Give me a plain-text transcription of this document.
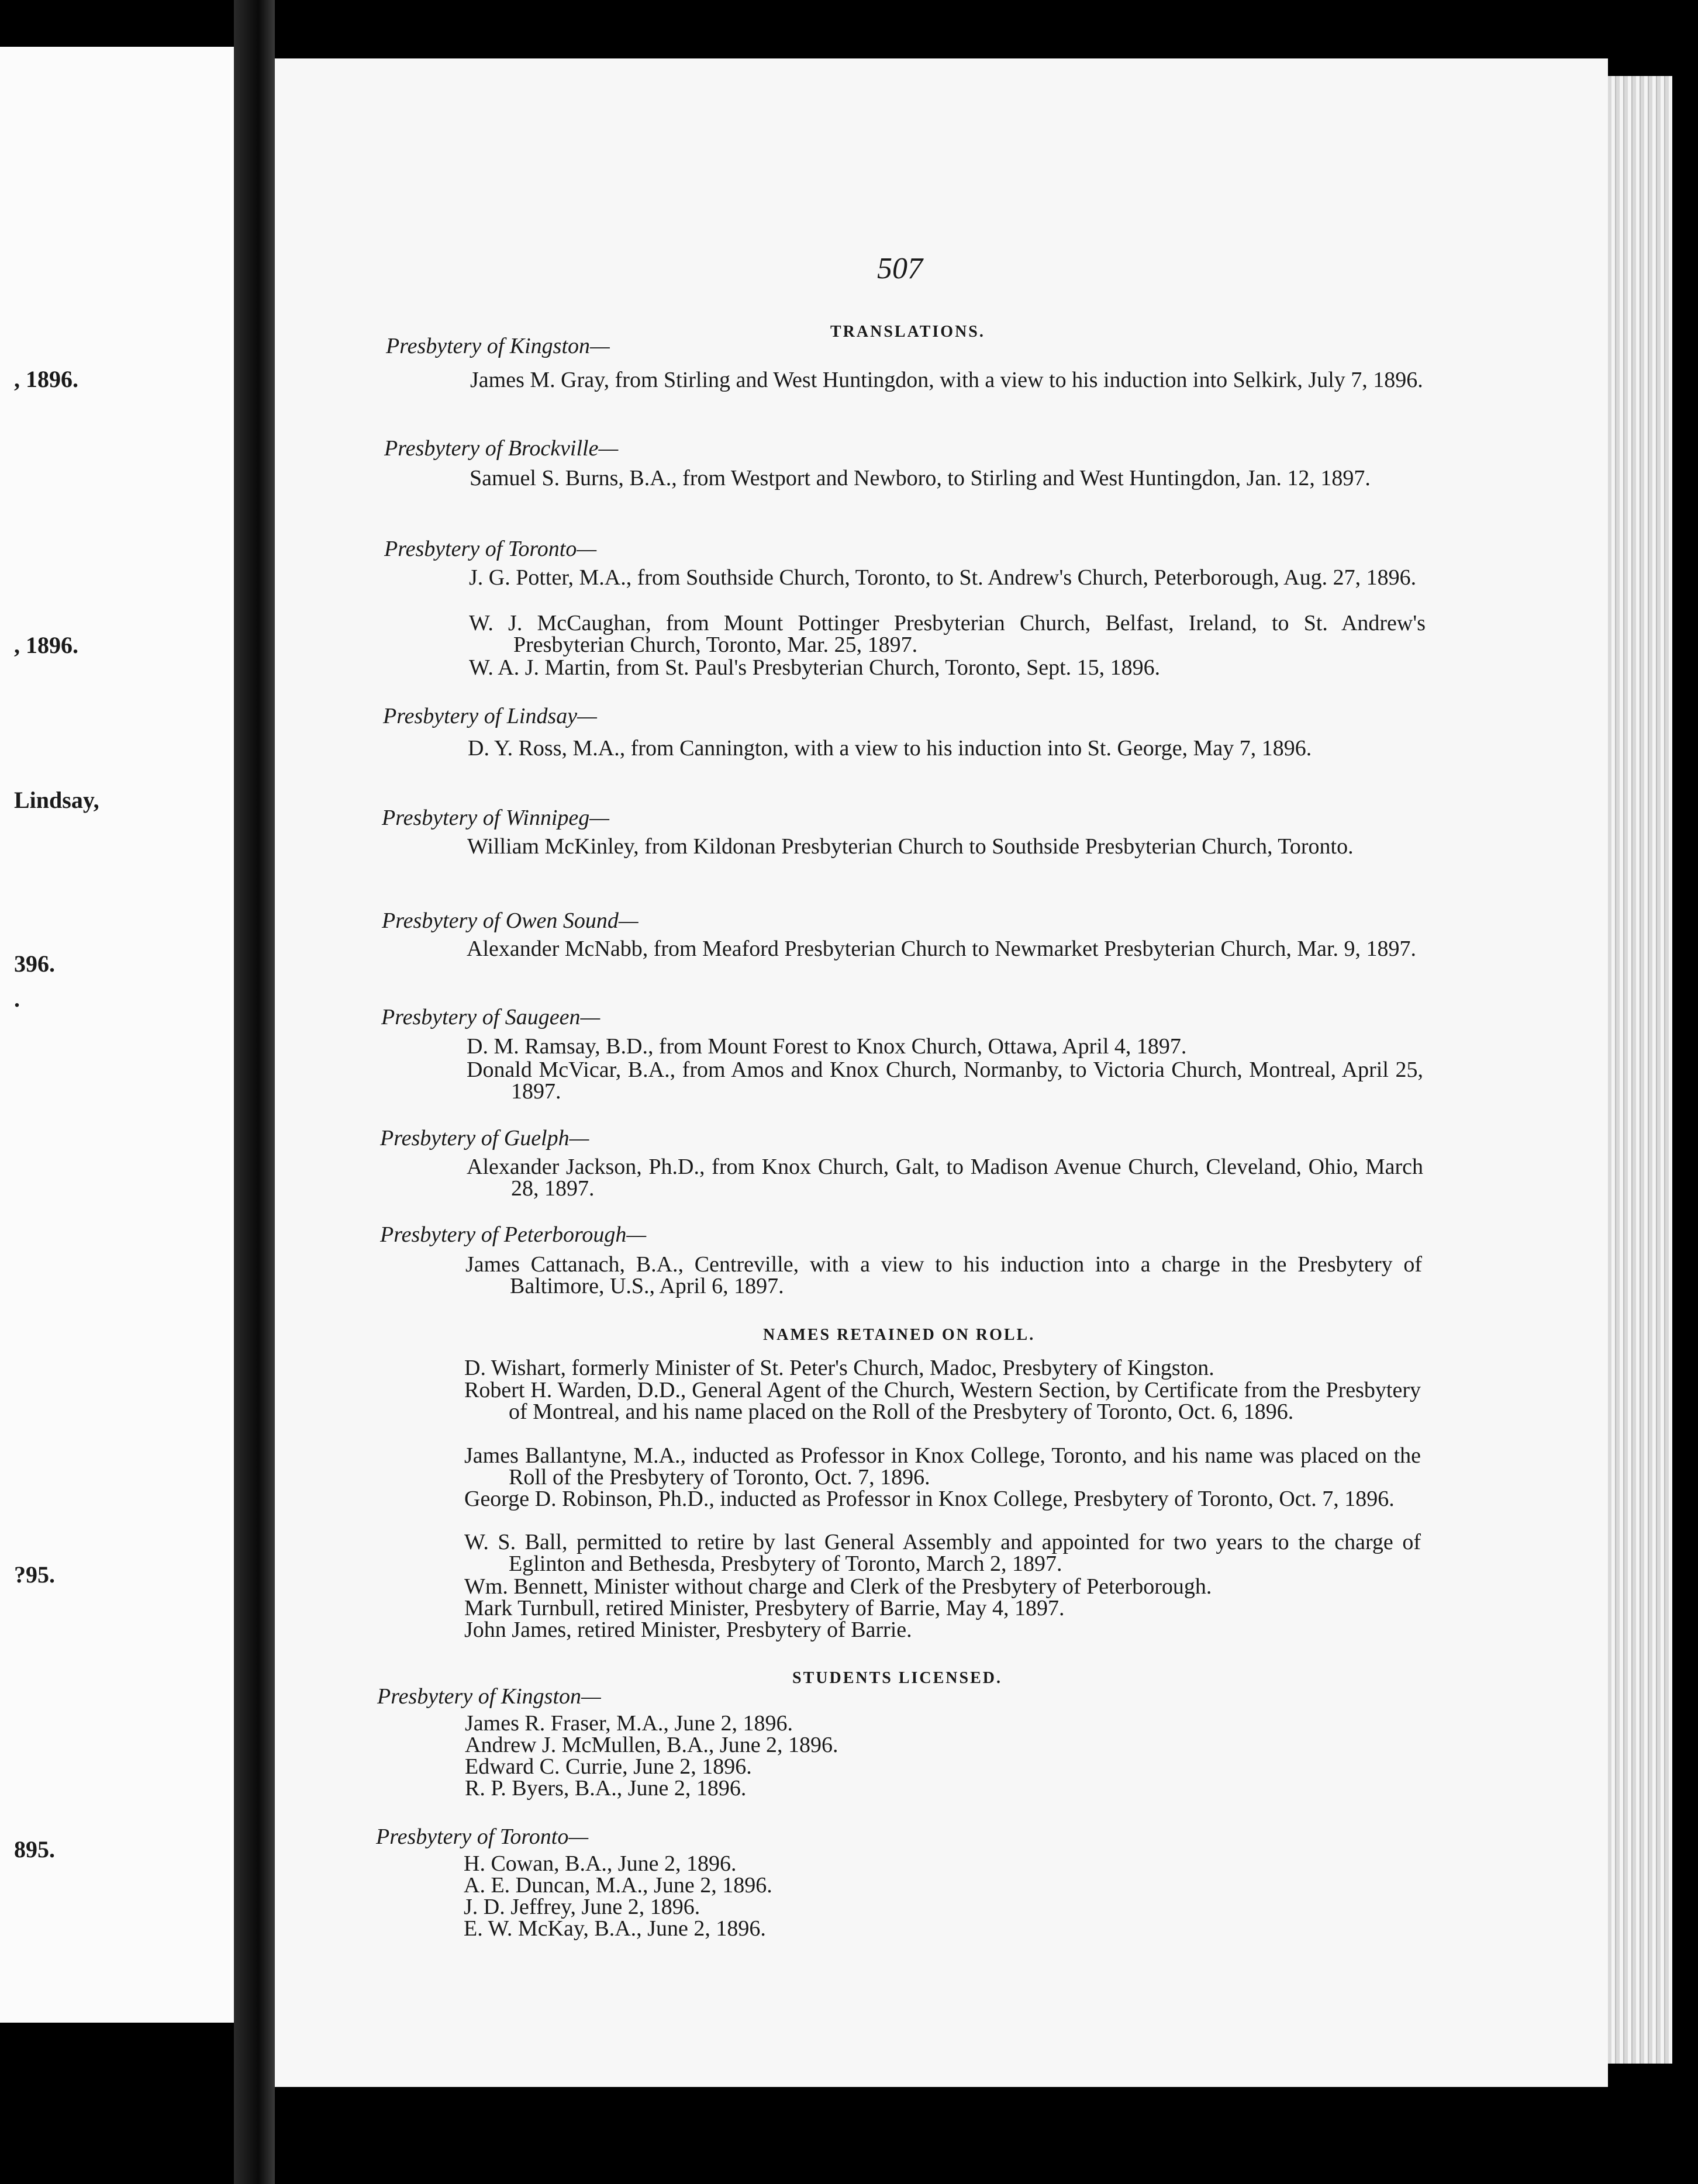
, 1896.
, 1896.
Lindsay,
396.
.
?95.
895.
507
TRANSLATIONS.
Presbytery of Kingston—
James M. Gray, from Stirling and West Huntingdon, with a view to his induction into Selkirk, July 7, 1896.
Presbytery of Brockville—
Samuel S. Burns, B.A., from Westport and Newboro, to Stirling and West Huntingdon, Jan. 12, 1897.
Presbytery of Toronto—
J. G. Potter, M.A., from Southside Church, Toronto, to St. Andrew's Church, Peterborough, Aug. 27, 1896.
W. J. McCaughan, from Mount Pottinger Presbyterian Church, Belfast, Ireland, to St. Andrew's Presbyterian Church, Toronto, Mar. 25, 1897.
W. A. J. Martin, from St. Paul's Presbyterian Church, Toronto, Sept. 15, 1896.
Presbytery of Lindsay—
D. Y. Ross, M.A., from Cannington, with a view to his induction into St. George, May 7, 1896.
Presbytery of Winnipeg—
William McKinley, from Kildonan Presbyterian Church to Southside Presbyterian Church, Toronto.
Presbytery of Owen Sound—
Alexander McNabb, from Meaford Presbyterian Church to Newmarket Presbyterian Church, Mar. 9, 1897.
Presbytery of Saugeen—
D. M. Ramsay, B.D., from Mount Forest to Knox Church, Ottawa, April 4, 1897.
Donald McVicar, B.A., from Amos and Knox Church, Normanby, to Victoria Church, Montreal, April 25, 1897.
Presbytery of Guelph—
Alexander Jackson, Ph.D., from Knox Church, Galt, to Madison Avenue Church, Cleveland, Ohio, March 28, 1897.
Presbytery of Peterborough—
James Cattanach, B.A., Centreville, with a view to his induction into a charge in the Presbytery of Baltimore, U.S., April 6, 1897.
NAMES RETAINED ON ROLL.
D. Wishart, formerly Minister of St. Peter's Church, Madoc, Presbytery of Kingston.
Robert H. Warden, D.D., General Agent of the Church, Western Section, by Certificate from the Presbytery of Montreal, and his name placed on the Roll of the Presbytery of Toronto, Oct. 6, 1896.
James Ballantyne, M.A., inducted as Professor in Knox College, Toronto, and his name was placed on the Roll of the Presbytery of Toronto, Oct. 7, 1896.
George D. Robinson, Ph.D., inducted as Professor in Knox College, Presbytery of Toronto, Oct. 7, 1896.
W. S. Ball, permitted to retire by last General Assembly and appointed for two years to the charge of Eglinton and Bethesda, Presbytery of Toronto, March 2, 1897.
Wm. Bennett, Minister without charge and Clerk of the Presbytery of Peterborough.
Mark Turnbull, retired Minister, Presbytery of Barrie, May 4, 1897.
John James, retired Minister, Presbytery of Barrie.
STUDENTS LICENSED.
Presbytery of Kingston—
James R. Fraser, M.A., June 2, 1896.
Andrew J. McMullen, B.A., June 2, 1896.
Edward C. Currie, June 2, 1896.
R. P. Byers, B.A., June 2, 1896.
Presbytery of Toronto—
H. Cowan, B.A., June 2, 1896.
A. E. Duncan, M.A., June 2, 1896.
J. D. Jeffrey, June 2, 1896.
E. W. McKay, B.A., June 2, 1896.
